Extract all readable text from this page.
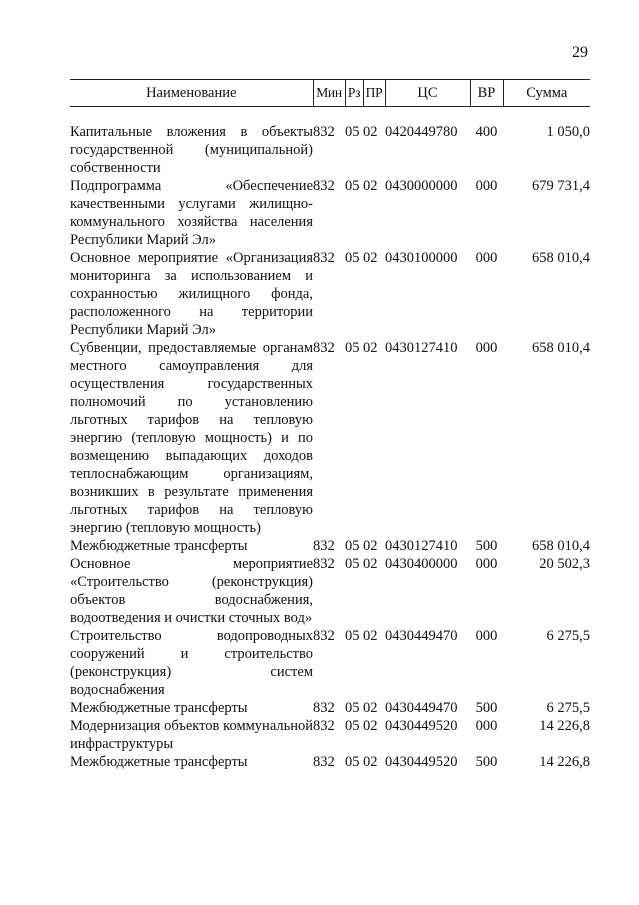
29
Наименование	Мин	Рз	ПР	ЦС	ВР	Сумма

Капитальные вложения в объекты государственной (муниципальной) собственности	832	05	02	0420449780	400	1 050,0
Подпрограмма «Обеспечение качественными услугами жилищно-коммунального хозяйства населения Республики Марий Эл»	832	05	02	0430000000	000	679 731,4
Основное мероприятие «Организация мониторинга за использованием и сохранностью жилищного фонда, расположенного на территории Республики Марий Эл»	832	05	02	0430100000	000	658 010,4
Субвенции, предоставляемые органам местного самоуправления для осуществления государственных полномочий по установлению льготных тарифов на тепловую энергию (тепловую мощность) и по возмещению выпадающих доходов теплоснабжающим организациям, возникших в результате применения льготных тарифов на тепловую энергию (тепловую мощность)	832	05	02	0430127410	000	658 010,4
Межбюджетные трансферты	832	05	02	0430127410	500	658 010,4
Основное мероприятие «Строительство (реконструкция) объектов водоснабжения, водоотведения и очистки сточных вод»	832	05	02	0430400000	000	20 502,3
Строительство водопроводных сооружений и строительство (реконструкция) систем водоснабжения	832	05	02	0430449470	000	6 275,5
Межбюджетные трансферты	832	05	02	0430449470	500	6 275,5
Модернизация объектов коммунальной инфраструктуры	832	05	02	0430449520	000	14 226,8
Межбюджетные трансферты	832	05	02	0430449520	500	14 226,8
